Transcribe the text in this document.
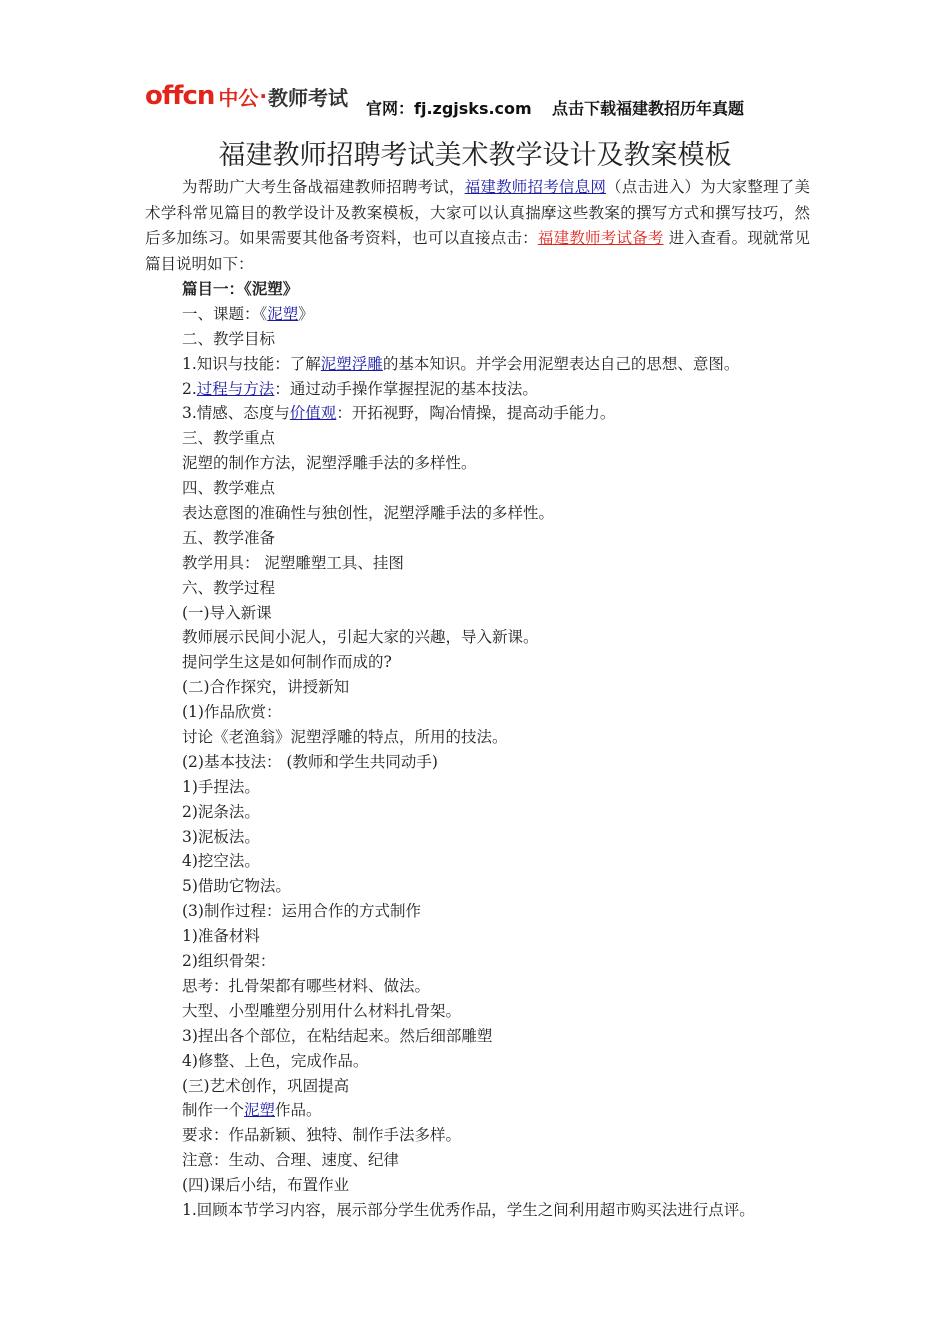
offcn 中公 · 教师考试 官网：fj.zgjsks.com 点击下载福建教招历年真题
福建教师招聘考试美术教学设计及教案模板

为帮助广大考生备战福建教师招聘考试，福建教师招考信息网（点击进入）为大家整理了美术学科常见篇目的教学设计及教案模板，大家可以认真揣摩这些教案的撰写方式和撰写技巧，然后多加练习。如果需要其他备考资料，也可以直接点击：福建教师考试备考 进入查看。现就常见篇目说明如下：

篇目一：《泥塑》

一、课题：《泥塑》

二、教学目标

1.知识与技能：了解泥塑浮雕的基本知识。并学会用泥塑表达自己的思想、意图。

2.过程与方法：通过动手操作掌握捏泥的基本技法。

3.情感、态度与价值观：开拓视野，陶冶情操，提高动手能力。

三、教学重点

泥塑的制作方法，泥塑浮雕手法的多样性。

四、教学难点

表达意图的准确性与独创性，泥塑浮雕手法的多样性。

五、教学准备

教学用具： 泥塑雕塑工具、挂图

六、教学过程

(一)导入新课

教师展示民间小泥人，引起大家的兴趣，导入新课。

提问学生这是如何制作而成的?

(二)合作探究，讲授新知

(1)作品欣赏：

讨论《老渔翁》泥塑浮雕的特点，所用的技法。

(2)基本技法： (教师和学生共同动手)

1)手捏法。

2)泥条法。

3)泥板法。

4)挖空法。

5)借助它物法。

(3)制作过程：运用合作的方式制作

1)准备材料

2)组织骨架：

思考：扎骨架都有哪些材料、做法。

大型、小型雕塑分别用什么材料扎骨架。

3)捏出各个部位，在粘结起来。然后细部雕塑

4)修整、上色，完成作品。

(三)艺术创作，巩固提高

制作一个泥塑作品。

要求：作品新颖、独特、制作手法多样。

注意：生动、合理、速度、纪律

(四)课后小结，布置作业

1.回顾本节学习内容，展示部分学生优秀作品，学生之间利用超市购买法进行点评。
